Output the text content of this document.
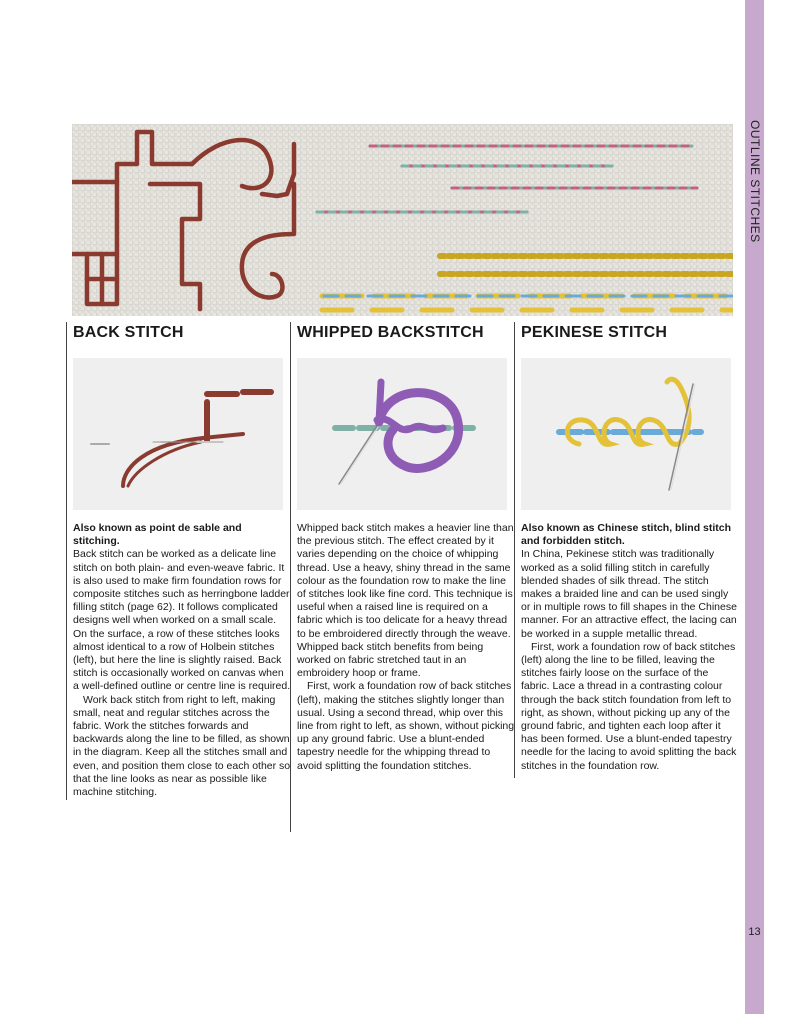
OUTLINE STITCHES
13
BACK STITCH

Also known as point de sable and stitching.

Back stitch can be worked as a delicate line stitch on both plain- and even-weave fabric. It is also used to make firm foundation rows for composite stitches such as herringbone ladder filling stitch (page 62). It follows complicated designs well when worked on a small scale. On the surface, a row of these stitches looks almost identical to a row of Holbein stitches (left), but here the line is slightly raised. Back stitch is occasionally worked on canvas when a well-defined outline or centre line is required.

Work back stitch from right to left, making small, neat and regular stitches across the fabric. Work the stitches forwards and backwards along the line to be filled, as shown in the diagram. Keep all the stitches small and even, and position them close to each other so that the line looks as near as possible like machine stitching.

WHIPPED BACKSTITCH

Whipped back stitch makes a heavier line than the previous stitch. The effect created by it varies depending on the choice of whipping thread. Use a heavy, shiny thread in the same colour as the foundation row to make the line of stitches look like fine cord. This technique is useful when a raised line is required on a fabric which is too delicate for a heavy thread to be embroidered directly through the weave. Whipped back stitch benefits from being worked on fabric stretched taut in an embroidery hoop or frame.

First, work a foundation row of back stitches (left), making the stitches slightly longer than usual. Using a second thread, whip over this line from right to left, as shown, without picking up any ground fabric. Use a blunt-ended tapestry needle for the whipping thread to avoid splitting the foundation stitches.

PEKINESE STITCH

Also known as Chinese stitch, blind stitch and forbidden stitch.

In China, Pekinese stitch was traditionally worked as a solid filling stitch in carefully blended shades of silk thread. The stitch makes a braided line and can be used singly or in multiple rows to fill shapes in the Chinese manner. For an attractive effect, the lacing can be worked in a supple metallic thread.

First, work a foundation row of back stitches (left) along the line to be filled, leaving the stitches fairly loose on the surface of the fabric. Lace a thread in a contrasting colour through the back stitch foundation from left to right, as shown, without picking up any of the ground fabric, and tighten each loop after it has been formed. Use a blunt-ended tapestry needle for the lacing to avoid splitting the back stitches in the foundation row.
